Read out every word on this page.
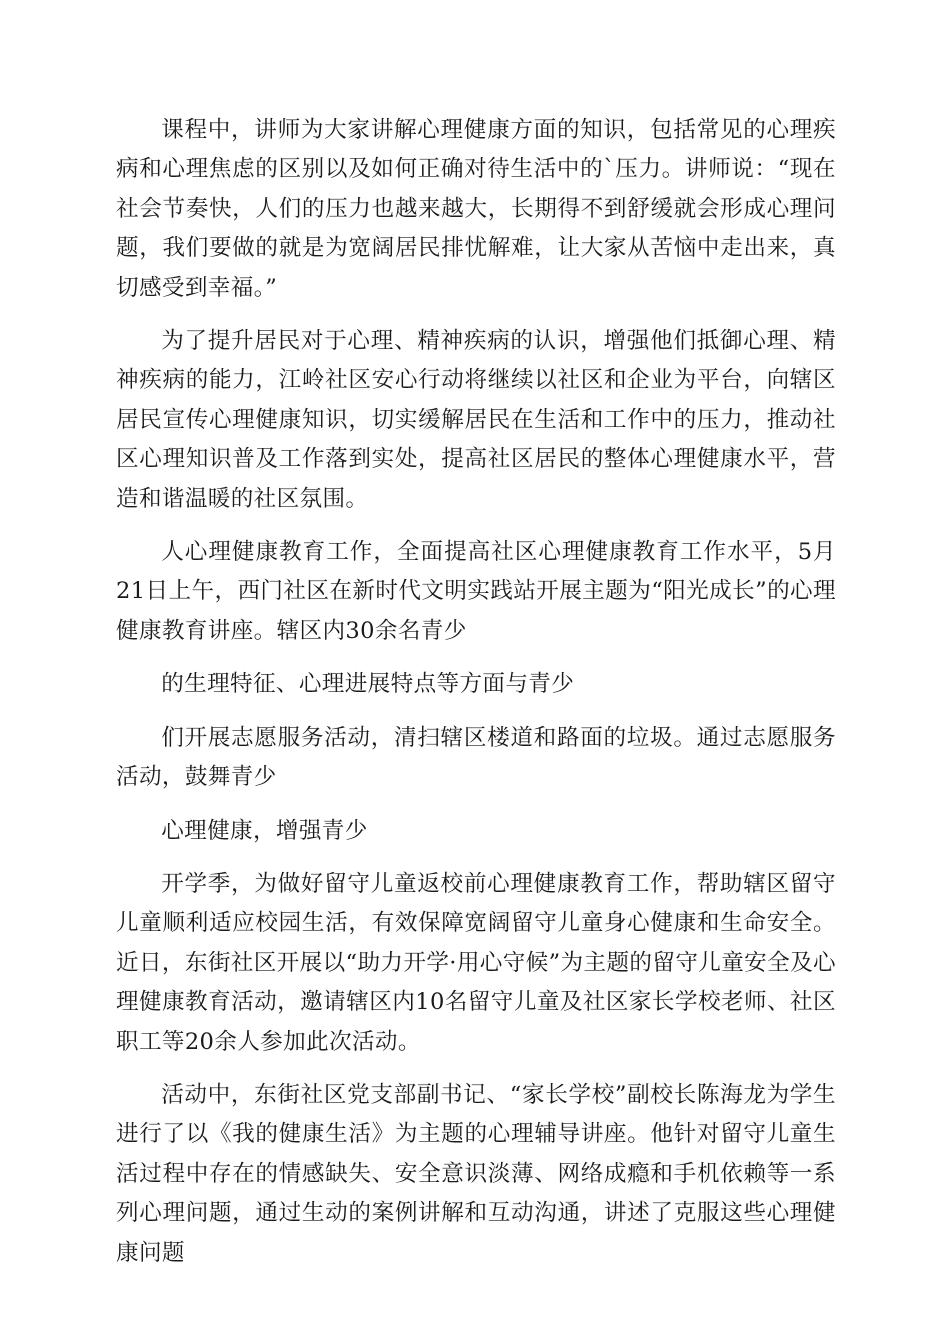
课程中，讲师为大家讲解心理健康方面的知识，包括常见的心理疾病和心理焦虑的区别以及如何正确对待生活中的`压力。讲师说：“现在社会节奏快，人们的压力也越来越大，长期得不到舒缓就会形成心理问题，我们要做的就是为宽阔居民排忧解难，让大家从苦恼中走出来，真切感受到幸福。”

为了提升居民对于心理、精神疾病的认识，增强他们抵御心理、精神疾病的能力，江岭社区安心行动将继续以社区和企业为平台，向辖区居民宣传心理健康知识，切实缓解居民在生活和工作中的压力，推动社区心理知识普及工作落到实处，提高社区居民的整体心理健康水平，营造和谐温暖的社区氛围。

人心理健康教育工作，全面提高社区心理健康教育工作水平，5月21日上午，西门社区在新时代文明实践站开展主题为“阳光成长”的心理健康教育讲座。辖区内30余名青少

的生理特征、心理进展特点等方面与青少

们开展志愿服务活动，清扫辖区楼道和路面的垃圾。通过志愿服务活动，鼓舞青少

心理健康，增强青少

开学季，为做好留守儿童返校前心理健康教育工作，帮助辖区留守儿童顺利适应校园生活，有效保障宽阔留守儿童身心健康和生命安全。近日，东街社区开展以“助力开学·用心守候”为主题的留守儿童安全及心理健康教育活动，邀请辖区内10名留守儿童及社区家长学校老师、社区职工等20余人参加此次活动。

活动中，东街社区党支部副书记、“家长学校”副校长陈海龙为学生进行了以《我的健康生活》为主题的心理辅导讲座。他针对留守儿童生活过程中存在的情感缺失、安全意识淡薄、网络成瘾和手机依赖等一系列心理问题，通过生动的案例讲解和互动沟通，讲述了克服这些心理健康问题
